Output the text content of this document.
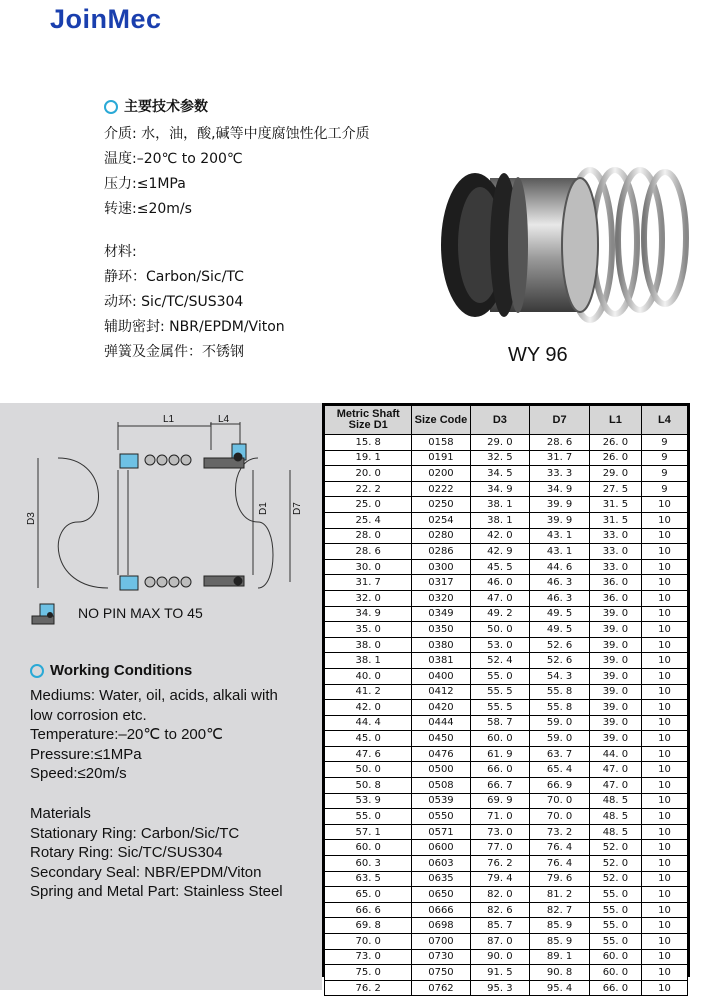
JoinMec
主要技术参数
介质: 水，油，酸,碱等中度腐蚀性化工介质
温度:–20℃ to 200℃
压力:≤1MPa
转速:≤20m/s
材料:
静环：Carbon/Sic/TC
动环: Sic/TC/SUS304
辅助密封: NBR/EPDM/Viton
弹簧及金属件：不锈钢	WY 96
L1	L4
D3
D1 D7
NO PIN MAX TO 45
Working Conditions
Mediums: Water, oil, acids, alkali with
low corrosion etc.
Temperature:–20℃ to 200℃
Pressure:≤1MPa
Speed:≤20m/s
Materials
Stationary Ring: Carbon/Sic/TC
Rotary Ring: Sic/TC/SUS304
Secondary Seal: NBR/EPDM/Viton
Spring and Metal Part: Stainless Steel
Metric Shaft
Size D1	Size Code	D3	D7	L1	L4
15. 8	0158	29. 0	28. 6	26. 0	9
19. 1	0191	32. 5	31. 7	26. 0	9
20. 0	0200	34. 5	33. 3	29. 0	9
22. 2	0222	34. 9	34. 9	27. 5	9
25. 0	0250	38. 1	39. 9	31. 5	10
25. 4	0254	38. 1	39. 9	31. 5	10
28. 0	0280	42. 0	43. 1	33. 0	10
28. 6	0286	42. 9	43. 1	33. 0	10
30. 0	0300	45. 5	44. 6	33. 0	10
31. 7	0317	46. 0	46. 3	36. 0	10
32. 0	0320	47. 0	46. 3	36. 0	10
34. 9	0349	49. 2	49. 5	39. 0	10
35. 0	0350	50. 0	49. 5	39. 0	10
38. 0	0380	53. 0	52. 6	39. 0	10
38. 1	0381	52. 4	52. 6	39. 0	10
40. 0	0400	55. 0	54. 3	39. 0	10
41. 2	0412	55. 5	55. 8	39. 0	10
42. 0	0420	55. 5	55. 8	39. 0	10
44. 4	0444	58. 7	59. 0	39. 0	10
45. 0	0450	60. 0	59. 0	39. 0	10
47. 6	0476	61. 9	63. 7	44. 0	10
50. 0	0500	66. 0	65. 4	47. 0	10
50. 8	0508	66. 7	66. 9	47. 0	10
53. 9	0539	69. 9	70. 0	48. 5	10
55. 0	0550	71. 0	70. 0	48. 5	10
57. 1	0571	73. 0	73. 2	48. 5	10
60. 0	0600	77. 0	76. 4	52. 0	10
60. 3	0603	76. 2	76. 4	52. 0	10
63. 5	0635	79. 4	79. 6	52. 0	10
65. 0	0650	82. 0	81. 2	55. 0	10
66. 6	0666	82. 6	82. 7	55. 0	10
69. 8	0698	85. 7	85. 9	55. 0	10
70. 0	0700	87. 0	85. 9	55. 0	10
73. 0	0730	90. 0	89. 1	60. 0	10
75. 0	0750	91. 5	90. 8	60. 0	10
76. 2	0762	95. 3	95. 4	66. 0	10
